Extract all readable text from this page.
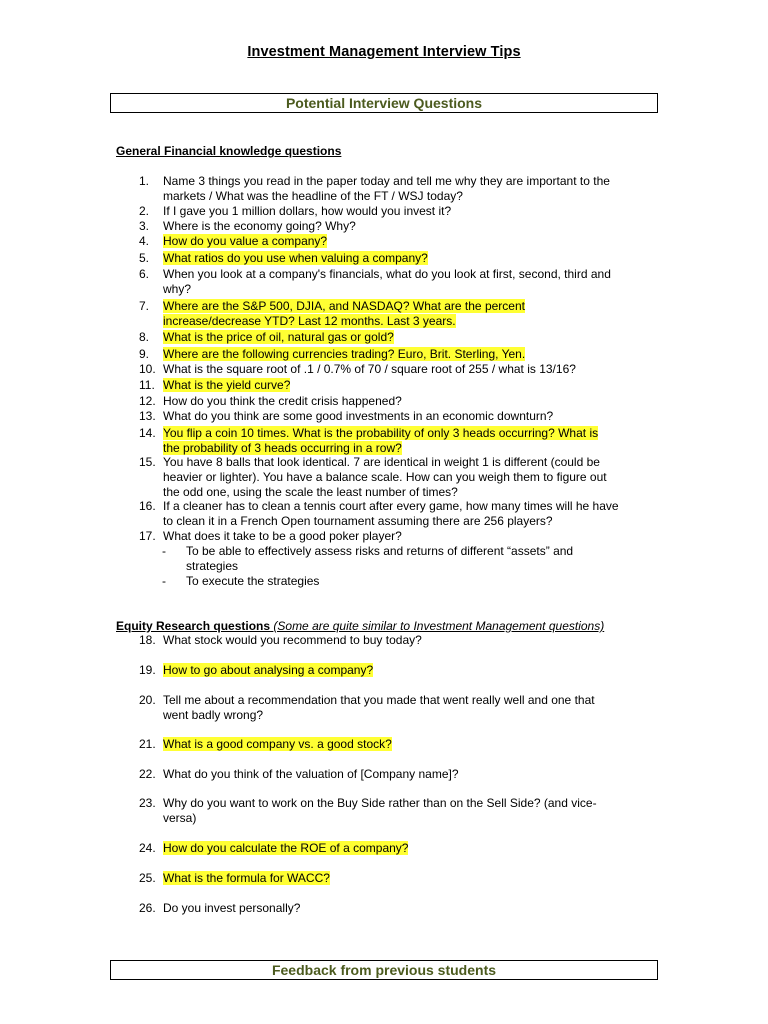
Investment Management Interview Tips
Potential Interview Questions
General Financial knowledge questions
1. Name 3 things you read in the paper today and tell me why they are important to the
markets / What was the headline of the FT / WSJ today?
2. If I gave you 1 million dollars, how would you invest it?
3. Where is the economy going? Why?
4. How do you value a company?
5. What ratios do you use when valuing a company?
6. When you look at a company's financials, what do you look at first, second, third and
why?
7. Where are the S&P 500, DJIA, and NASDAQ? What are the percent
increase/decrease YTD? Last 12 months. Last 3 years.
8. What is the price of oil, natural gas or gold?
9. Where are the following currencies trading? Euro, Brit. Sterling, Yen.
10. What is the square root of .1 / 0.7% of 70 / square root of 255 / what is 13/16?
11. What is the yield curve?
12. How do you think the credit crisis happened?
13. What do you think are some good investments in an economic downturn?
14. You flip a coin 10 times. What is the probability of only 3 heads occurring? What is
the probability of 3 heads occurring in a row?
15. You have 8 balls that look identical. 7 are identical in weight 1 is different (could be
heavier or lighter). You have a balance scale. How can you weigh them to figure out
the odd one, using the scale the least number of times?
16. If a cleaner has to clean a tennis court after every game, how many times will he have
to clean it in a French Open tournament assuming there are 256 players?
17. What does it take to be a good poker player?
- To be able to effectively assess risks and returns of different “assets” and
strategies
- To execute the strategies
Equity Research questions (Some are quite similar to Investment Management questions)
18. What stock would you recommend to buy today?
19. How to go about analysing a company?
20. Tell me about a recommendation that you made that went really well and one that
went badly wrong?
21. What is a good company vs. a good stock?
22. What do you think of the valuation of [Company name]?
23. Why do you want to work on the Buy Side rather than on the Sell Side? (and vice-
versa)
24. How do you calculate the ROE of a company?
25. What is the formula for WACC?
26. Do you invest personally?
Feedback from previous students
